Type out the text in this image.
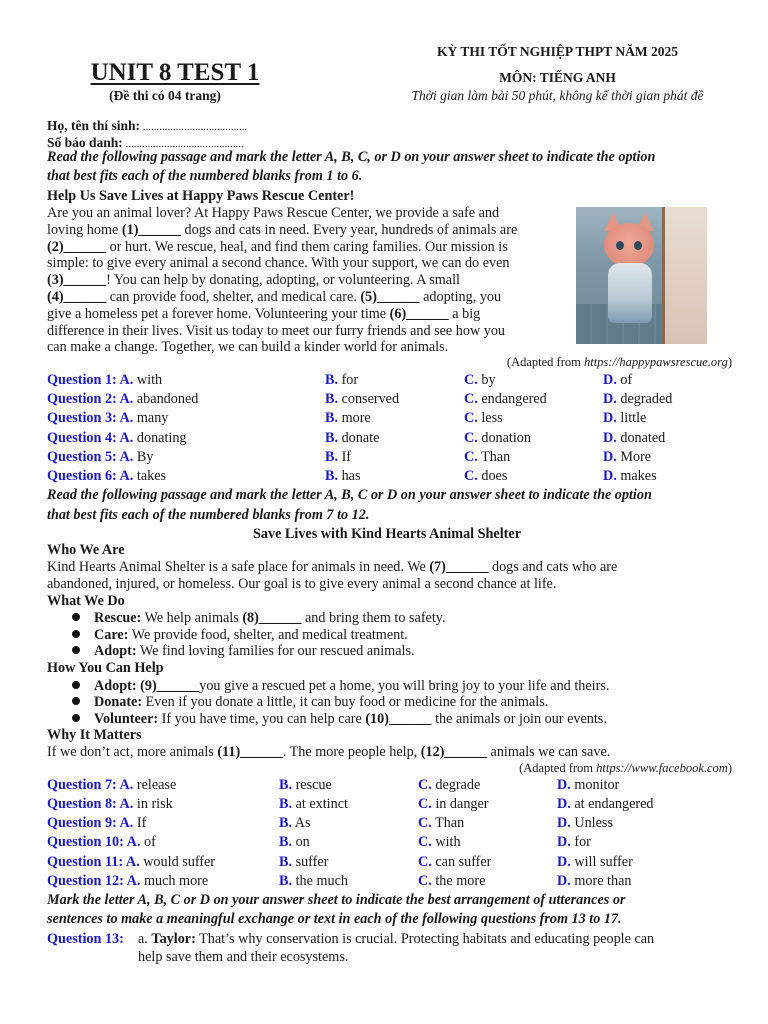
UNIT 8 TEST 1
(Đề thi có 04 trang)
KỲ THI TỐT NGHIỆP THPT NĂM 2025
MÔN: TIẾNG ANH
Thời gian làm bài 50 phút, không kể thời gian phát đề
Họ, tên thí sinh: ......................................
Số báo danh: ...........................................
Read the following passage and mark the letter A, B, C, or D on your answer sheet to indicate the option
that best fits each of the numbered blanks from 1 to 6.
Help Us Save Lives at Happy Paws Rescue Center!
Are you an animal lover? At Happy Paws Rescue Center, we provide a safe and
loving home (1)______ dogs and cats in need. Every year, hundreds of animals are
(2)______ or hurt. We rescue, heal, and find them caring families. Our mission is
simple: to give every animal a second chance. With your support, we can do even
(3)______! You can help by donating, adopting, or volunteering. A small
(4)______ can provide food, shelter, and medical care. (5)______ adopting, you
give a homeless pet a forever home. Volunteering your time (6)______ a big
difference in their lives. Visit us today to meet our furry friends and see how you
can make a change. Together, we can build a kinder world for animals.
(Adapted from https://happypawsrescue.org)
Question 1: A. with	B. for	C. by	D. of
Question 2: A. abandoned	B. conserved	C. endangered	D. degraded
Question 3: A. many	B. more	C. less	D. little
Question 4: A. donating	B. donate	C. donation	D. donated
Question 5: A. By	B. If	C. Than	D. More
Question 6: A. takes	B. has	C. does	D. makes
Read the following passage and mark the letter A, B, C or D on your answer sheet to indicate the option
that best fits each of the numbered blanks from 7 to 12.
Save Lives with Kind Hearts Animal Shelter
Who We Are
Kind Hearts Animal Shelter is a safe place for animals in need. We (7)______ dogs and cats who are
abandoned, injured, or homeless. Our goal is to give every animal a second chance at life.
What We Do
Rescue: We help animals (8)______ and bring them to safety.
Care: We provide food, shelter, and medical treatment.
Adopt: We find loving families for our rescued animals.
How You Can Help
Adopt: (9)______you give a rescued pet a home, you will bring joy to your life and theirs.
Donate: Even if you donate a little, it can buy food or medicine for the animals.
Volunteer: If you have time, you can help care (10)______ the animals or join our events.
Why It Matters
If we don’t act, more animals (11)______. The more people help, (12)______ animals we can save.
(Adapted from https://www.facebook.com)
Question 7: A. release	B. rescue	C. degrade	D. monitor
Question 8: A. in risk	B. at extinct	C. in danger	D. at endangered
Question 9: A. If	B. As	C. Than	D. Unless
Question 10: A. of	B. on	C. with	D. for
Question 11: A. would suffer	B. suffer	C. can suffer	D. will suffer
Question 12: A. much more	B. the much	C. the more	D. more than
Mark the letter A, B, C or D on your answer sheet to indicate the best arrangement of utterances or
sentences to make a meaningful exchange or text in each of the following questions from 13 to 17.
Question 13: a. Taylor: That’s why conservation is crucial. Protecting habitats and educating people can
help save them and their ecosystems.
